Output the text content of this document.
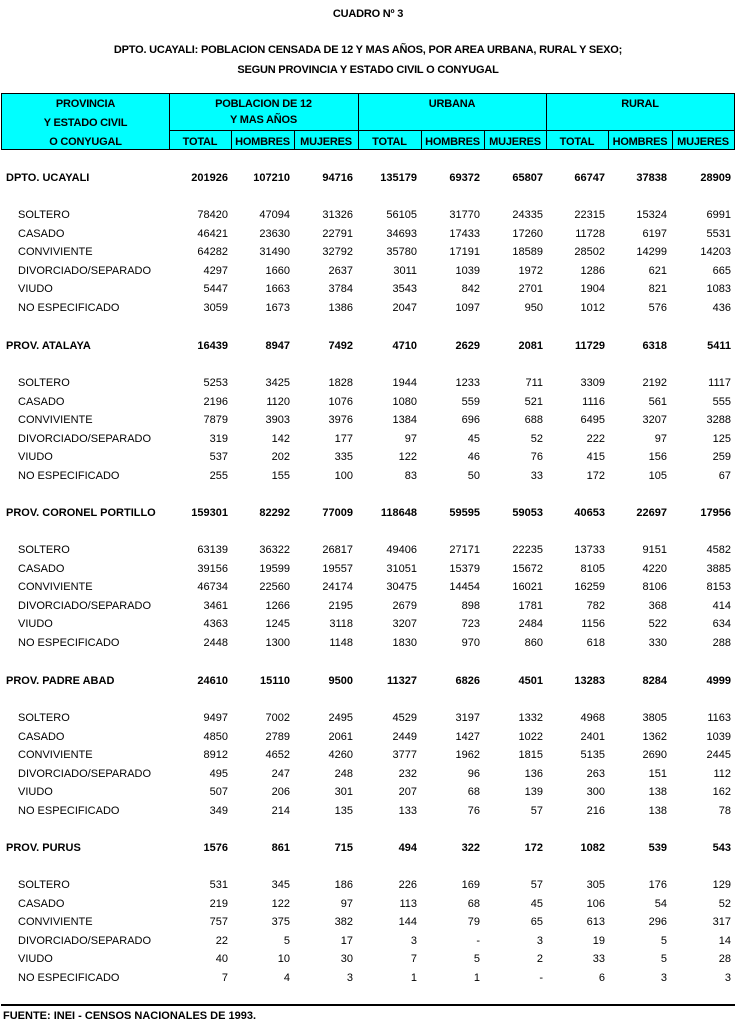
CUADRO Nº 3
DPTO. UCAYALI: POBLACION CENSADA DE 12 Y MAS AÑOS, POR AREA URBANA, RURAL Y SEXO;
SEGUN PROVINCIA Y ESTADO CIVIL O CONYUGAL
PROVINCIA
Y ESTADO CIVIL
O CONYUGAL
POBLACION DE 12
Y MAS AÑOS
URBANA	RURAL
TOTAL	HOMBRES MUJERES	TOTAL	HOMBRES MUJERES	TOTAL	HOMBRES MUJERES
DPTO. UCAYALI	201926	107210	94716	135179	69372	65807	66747	37838	28909
SOLTERO	78420	47094	31326	56105	31770	24335	22315	15324	6991
CASADO	46421	23630	22791	34693	17433	17260	11728	6197	5531
CONVIVIENTE	64282	31490	32792	35780	17191	18589	28502	14299	14203
DIVORCIADO/SEPARADO	4297	1660	2637	3011	1039	1972	1286	621	665
VIUDO	5447	1663	3784	3543	842	2701	1904	821	1083
NO ESPECIFICADO	3059	1673	1386	2047	1097	950	1012	576	436
PROV. ATALAYA	16439	8947	7492	4710	2629	2081	11729	6318	5411
SOLTERO	5253	3425	1828	1944	1233	711	3309	2192	1117
CASADO	2196	1120	1076	1080	559	521	1116	561	555
CONVIVIENTE	7879	3903	3976	1384	696	688	6495	3207	3288
DIVORCIADO/SEPARADO	319	142	177	97	45	52	222	97	125
VIUDO	537	202	335	122	46	76	415	156	259
NO ESPECIFICADO	255	155	100	83	50	33	172	105	67
PROV. CORONEL PORTILLO	159301	82292	77009	118648	59595	59053	40653	22697	17956
SOLTERO	63139	36322	26817	49406	27171	22235	13733	9151	4582
CASADO	39156	19599	19557	31051	15379	15672	8105	4220	3885
CONVIVIENTE	46734	22560	24174	30475	14454	16021	16259	8106	8153
DIVORCIADO/SEPARADO	3461	1266	2195	2679	898	1781	782	368	414
VIUDO	4363	1245	3118	3207	723	2484	1156	522	634
NO ESPECIFICADO	2448	1300	1148	1830	970	860	618	330	288
PROV. PADRE ABAD	24610	15110	9500	11327	6826	4501	13283	8284	4999
SOLTERO	9497	7002	2495	4529	3197	1332	4968	3805	1163
CASADO	4850	2789	2061	2449	1427	1022	2401	1362	1039
CONVIVIENTE	8912	4652	4260	3777	1962	1815	5135	2690	2445
DIVORCIADO/SEPARADO	495	247	248	232	96	136	263	151	112
VIUDO	507	206	301	207	68	139	300	138	162
NO ESPECIFICADO	349	214	135	133	76	57	216	138	78
PROV. PURUS	1576	861	715	494	322	172	1082	539	543
SOLTERO	531	345	186	226	169	57	305	176	129
CASADO	219	122	97	113	68	45	106	54	52
CONVIVIENTE	757	375	382	144	79	65	613	296	317
DIVORCIADO/SEPARADO	22	5	17	3	-	3	19	5	14
VIUDO	40	10	30	7	5	2	33	5	28
NO ESPECIFICADO	7	4	3	1	1	-	6	3	3
FUENTE: INEI - CENSOS NACIONALES DE 1993.
